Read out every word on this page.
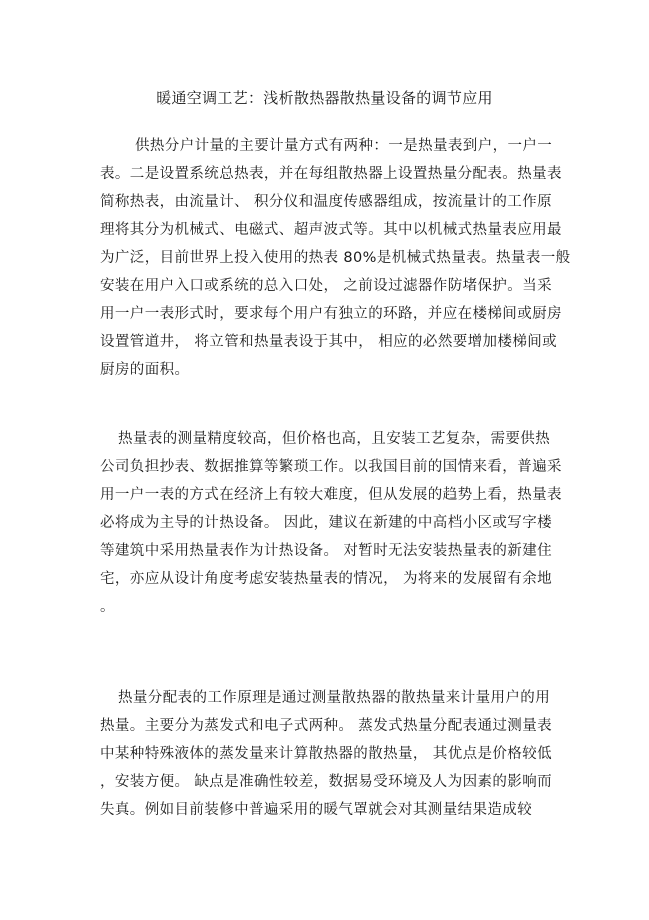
暖通空调工艺：浅析散热器散热量设备的调节应用
供热分户计量的主要计量方式有两种：一是热量表到户，一户一
表。二是设置系统总热表，并在每组散热器上设置热量分配表。热量表
简称热表，由流量计、 积分仪和温度传感器组成，按流量计的工作原
理将其分为机械式、电磁式、超声波式等。其中以机械式热量表应用最
为广泛，目前世界上投入使用的热表 80%是机械式热量表。热量表一般
安装在用户入口或系统的总入口处， 之前设过滤器作防堵保护。当采
用一户一表形式时，要求每个用户有独立的环路，并应在楼梯间或厨房
设置管道井， 将立管和热量表设于其中， 相应的必然要增加楼梯间或
厨房的面积。
热量表的测量精度较高，但价格也高，且安装工艺复杂，需要供热
公司负担抄表、数据推算等繁琐工作。以我国目前的国情来看，普遍采
用一户一表的方式在经济上有较大难度，但从发展的趋势上看，热量表
必将成为主导的计热设备。 因此，建议在新建的中高档小区或写字楼
等建筑中采用热量表作为计热设备。 对暂时无法安装热量表的新建住
宅，亦应从设计角度考虑安装热量表的情况， 为将来的发展留有余地
。
热量分配表的工作原理是通过测量散热器的散热量来计量用户的用
热量。主要分为蒸发式和电子式两种。 蒸发式热量分配表通过测量表
中某种特殊液体的蒸发量来计算散热器的散热量， 其优点是价格较低
，安装方便。 缺点是准确性较差，数据易受环境及人为因素的影响而
失真。例如目前装修中普遍采用的暖气罩就会对其测量结果造成较
